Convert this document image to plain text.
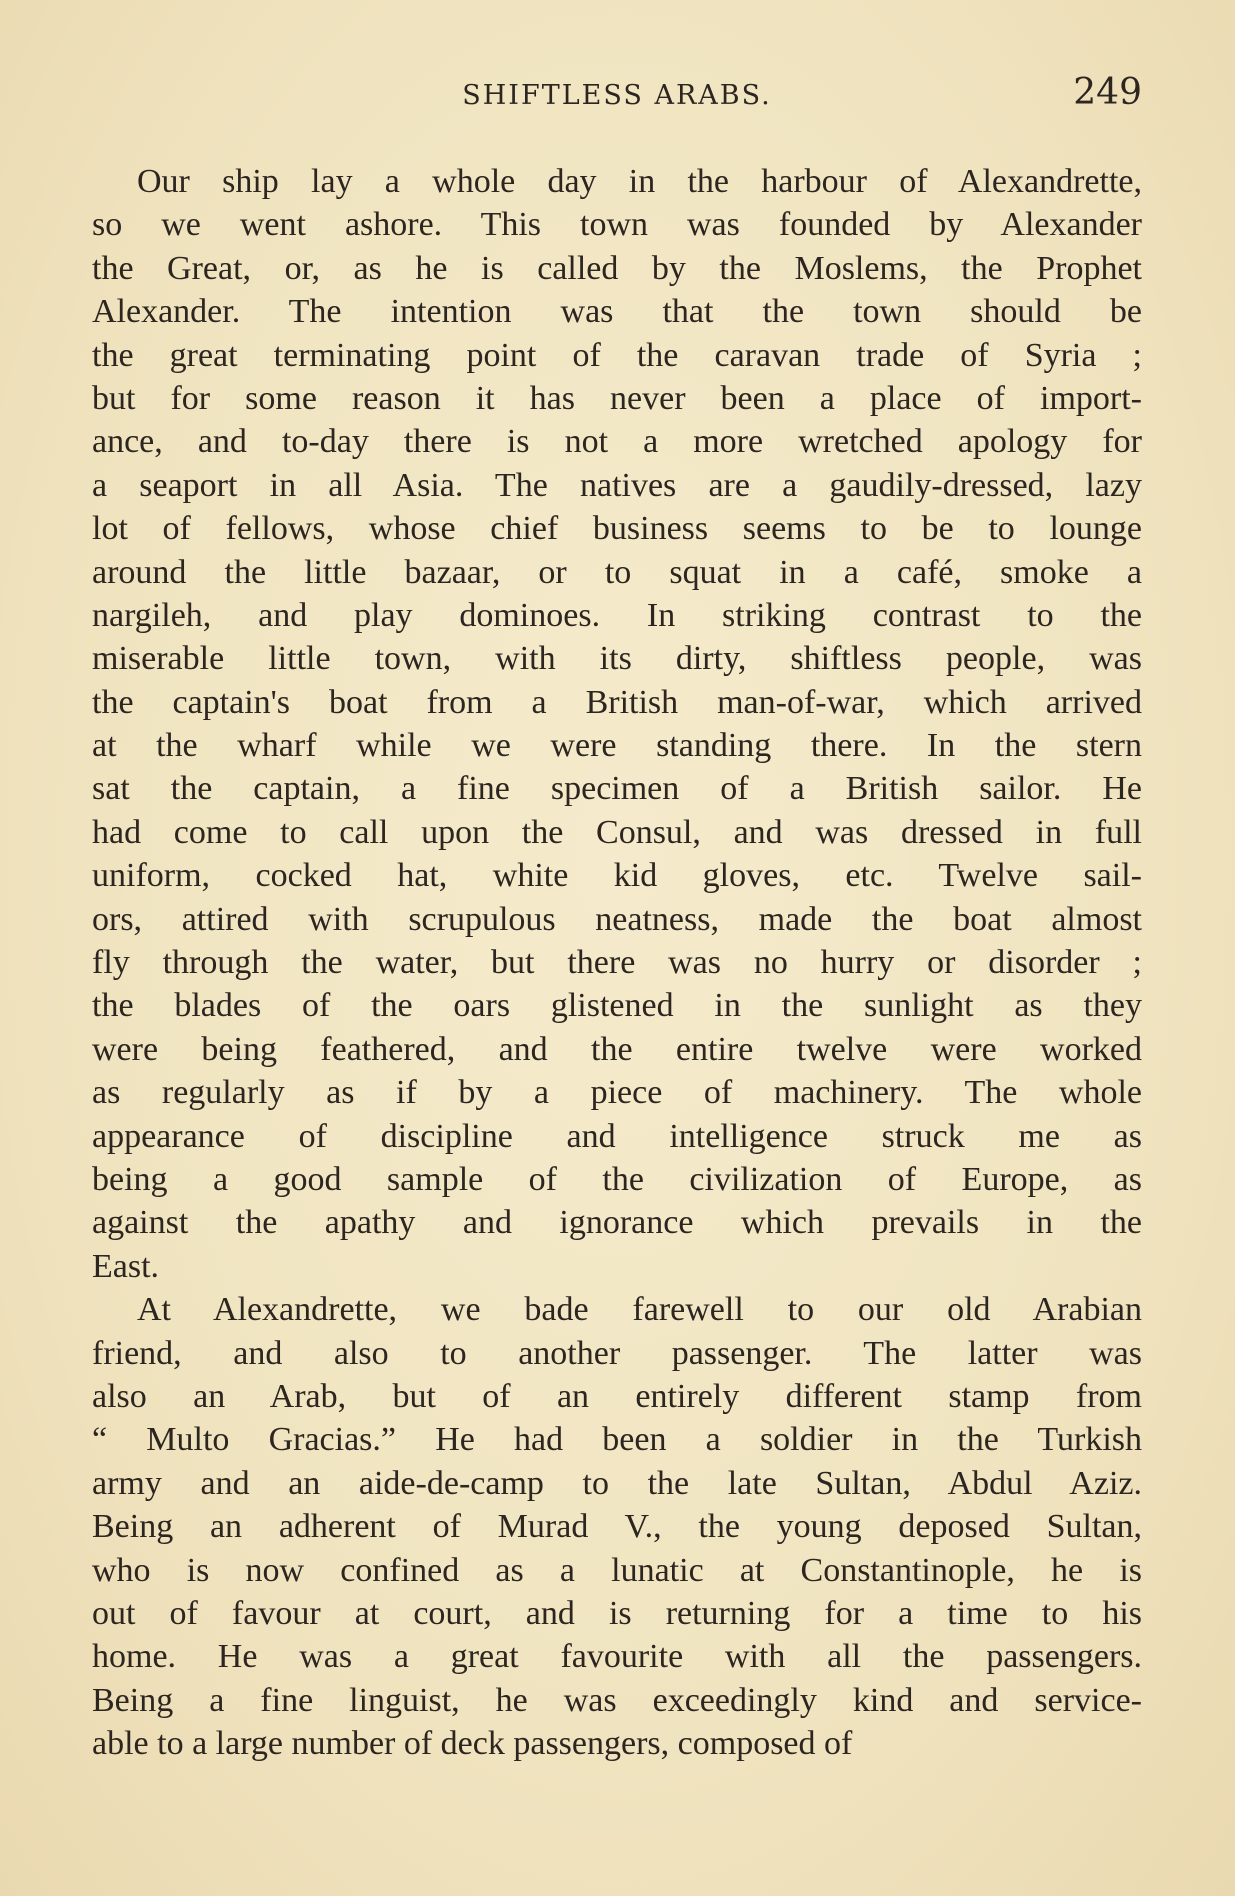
SHIFTLESS ARABS.	249
Our ship lay a whole day in the harbour of Alexandrette,
so we went ashore. This town was founded by Alexander
the Great, or, as he is called by the Moslems, the Prophet
Alexander. The intention was that the town should be
the great terminating point of the caravan trade of Syria ;
but for some reason it has never been a place of import-
ance, and to-day there is not a more wretched apology for
a seaport in all Asia. The natives are a gaudily-dressed, lazy
lot of fellows, whose chief business seems to be to lounge
around the little bazaar, or to squat in a café, smoke a
nargileh, and play dominoes. In striking contrast to the
miserable little town, with its dirty, shiftless people, was
the captain's boat from a British man-of-war, which arrived
at the wharf while we were standing there. In the stern
sat the captain, a fine specimen of a British sailor. He
had come to call upon the Consul, and was dressed in full
uniform, cocked hat, white kid gloves, etc. Twelve sail-
ors, attired with scrupulous neatness, made the boat almost
fly through the water, but there was no hurry or disorder ;
the blades of the oars glistened in the sunlight as they
were being feathered, and the entire twelve were worked
as regularly as if by a piece of machinery. The whole
appearance of discipline and intelligence struck me as
being a good sample of the civilization of Europe, as
against the apathy and ignorance which prevails in the
East.
At Alexandrette, we bade farewell to our old Arabian
friend, and also to another passenger. The latter was
also an Arab, but of an entirely different stamp from
“ Multo Gracias.” He had been a soldier in the Turkish
army and an aide-de-camp to the late Sultan, Abdul Aziz.
Being an adherent of Murad V., the young deposed Sultan,
who is now confined as a lunatic at Constantinople, he is
out of favour at court, and is returning for a time to his
home. He was a great favourite with all the passengers.
Being a fine linguist, he was exceedingly kind and service-
able to a large number of deck passengers, composed of
